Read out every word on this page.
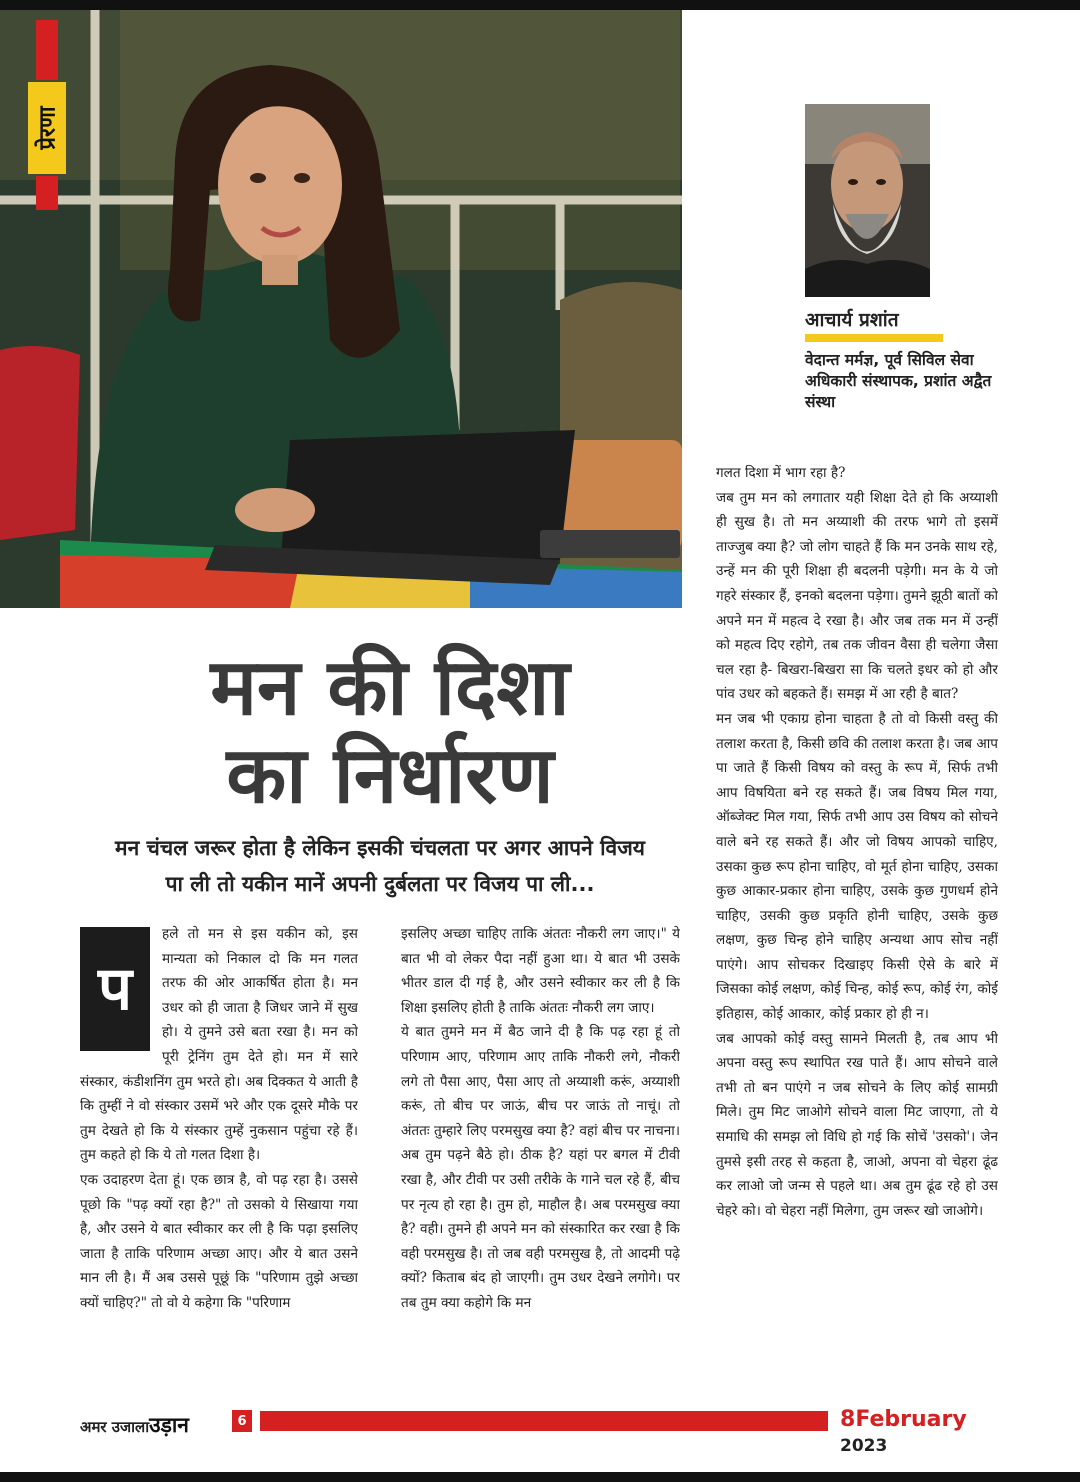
प्रेरणा
आचार्य प्रशांत
वेदान्त मर्मज्ञ, पूर्व सिविल सेवा अधिकारी संस्थापक, प्रशांत अद्वैत संस्था
मन की दिशा
का निर्धारण
मन चंचल जरूर होता है लेकिन इसकी चंचलता पर अगर आपने विजय
पा ली तो यकीन मानें अपनी दुर्बलता पर विजय पा ली...
प

हले तो मन से इस यकीन को, इस मान्यता को निकाल दो कि मन गलत तरफ की ओर आकर्षित होता है। मन उधर को ही जाता है जिधर जाने में सुख हो। ये तुमने उसे बता रखा है। मन को पूरी ट्रेनिंग तुम देते हो। मन में सारे संस्कार, कंडीशनिंग तुम भरते हो। अब दिक्कत ये आती है कि तुम्हीं ने वो संस्कार उसमें भरे और एक दूसरे मौके पर तुम देखते हो कि ये संस्कार तुम्हें नुकसान पहुंचा रहे हैं। तुम कहते हो कि ये तो गलत दिशा है।

एक उदाहरण देता हूं। एक छात्र है, वो पढ़ रहा है। उससे पूछो कि "पढ़ क्यों रहा है?" तो उसको ये सिखाया गया है, और उसने ये बात स्वीकार कर ली है कि पढ़ा इसलिए जाता है ताकि परिणाम अच्छा आए। और ये बात उसने मान ली है। मैं अब उससे पूछूं कि "परिणाम तुझे अच्छा क्यों चाहिए?" तो वो ये कहेगा कि "परिणाम

इसलिए अच्छा चाहिए ताकि अंततः नौकरी लग जाए।" ये बात भी वो लेकर पैदा नहीं हुआ था। ये बात भी उसके भीतर डाल दी गई है, और उसने स्वीकार कर ली है कि शिक्षा इसलिए होती है ताकि अंततः नौकरी लग जाए।

ये बात तुमने मन में बैठ जाने दी है कि पढ़ रहा हूं तो परिणाम आए, परिणाम आए ताकि नौकरी लगे, नौकरी लगे तो पैसा आए, पैसा आए तो अय्याशी करूं, अय्याशी करूं, तो बीच पर जाऊं, बीच पर जाऊं तो नाचूं। तो अंततः तुम्हारे लिए परमसुख क्या है? वहां बीच पर नाचना। अब तुम पढ़ने बैठे हो। ठीक है? यहां पर बगल में टीवी रखा है, और टीवी पर उसी तरीके के गाने चल रहे हैं, बीच पर नृत्य हो रहा है। तुम हो, माहौल है। अब परमसुख क्या है? वही। तुमने ही अपने मन को संस्कारित कर रखा है कि वही परमसुख है। तो जब वही परमसुख है, तो आदमी पढ़े क्यों? किताब बंद हो जाएगी। तुम उधर देखने लगोगे। पर तब तुम क्या कहोगे कि मन

गलत दिशा में भाग रहा है?

जब तुम मन को लगातार यही शिक्षा देते हो कि अय्याशी ही सुख है। तो मन अय्याशी की तरफ भागे तो इसमें ताज्जुब क्या है? जो लोग चाहते हैं कि मन उनके साथ रहे, उन्हें मन की पूरी शिक्षा ही बदलनी पड़ेगी। मन के ये जो गहरे संस्कार हैं, इनको बदलना पड़ेगा। तुमने झूठी बातों को अपने मन में महत्व दे रखा है। और जब तक मन में उन्हीं को महत्व दिए रहोगे, तब तक जीवन वैसा ही चलेगा जैसा चल रहा है- बिखरा-बिखरा सा कि चलते इधर को हो और पांव उधर को बहकते हैं। समझ में आ रही है बात?

मन जब भी एकाग्र होना चाहता है तो वो किसी वस्तु की तलाश करता है, किसी छवि की तलाश करता है। जब आप पा जाते हैं किसी विषय को वस्तु के रूप में, सिर्फ तभी आप विषयिता बने रह सकते हैं। जब विषय मिल गया, ऑब्जेक्ट मिल गया, सिर्फ तभी आप उस विषय को सोचने वाले बने रह सकते हैं। और जो विषय आपको चाहिए, उसका कुछ रूप होना चाहिए, वो मूर्त होना चाहिए, उसका कुछ आकार-प्रकार होना चाहिए, उसके कुछ गुणधर्म होने चाहिए, उसकी कुछ प्रकृति होनी चाहिए, उसके कुछ लक्षण, कुछ चिन्ह होने चाहिए अन्यथा आप सोच नहीं पाएंगे। आप सोचकर दिखाइए किसी ऐसे के बारे में जिसका कोई लक्षण, कोई चिन्ह, कोई रूप, कोई रंग, कोई इतिहास, कोई आकार, कोई प्रकार हो ही न।

जब आपको कोई वस्तु सामने मिलती है, तब आप भी अपना वस्तु रूप स्थापित रख पाते हैं। आप सोचने वाले तभी तो बन पाएंगे न जब सोचने के लिए कोई सामग्री मिले। तुम मिट जाओगे सोचने वाला मिट जाएगा, तो ये समाधि की समझ लो विधि हो गई कि सोचें 'उसको'। जेन तुमसे इसी तरह से कहता है, जाओ, अपना वो चेहरा ढूंढ कर लाओ जो जन्म से पहले था। अब तुम ढूंढ रहे हो उस चेहरे को। वो चेहरा नहीं मिलेगा, तुम जरूर खो जाओगे।

अमर उजालाउड़ान	6	8February 2023
